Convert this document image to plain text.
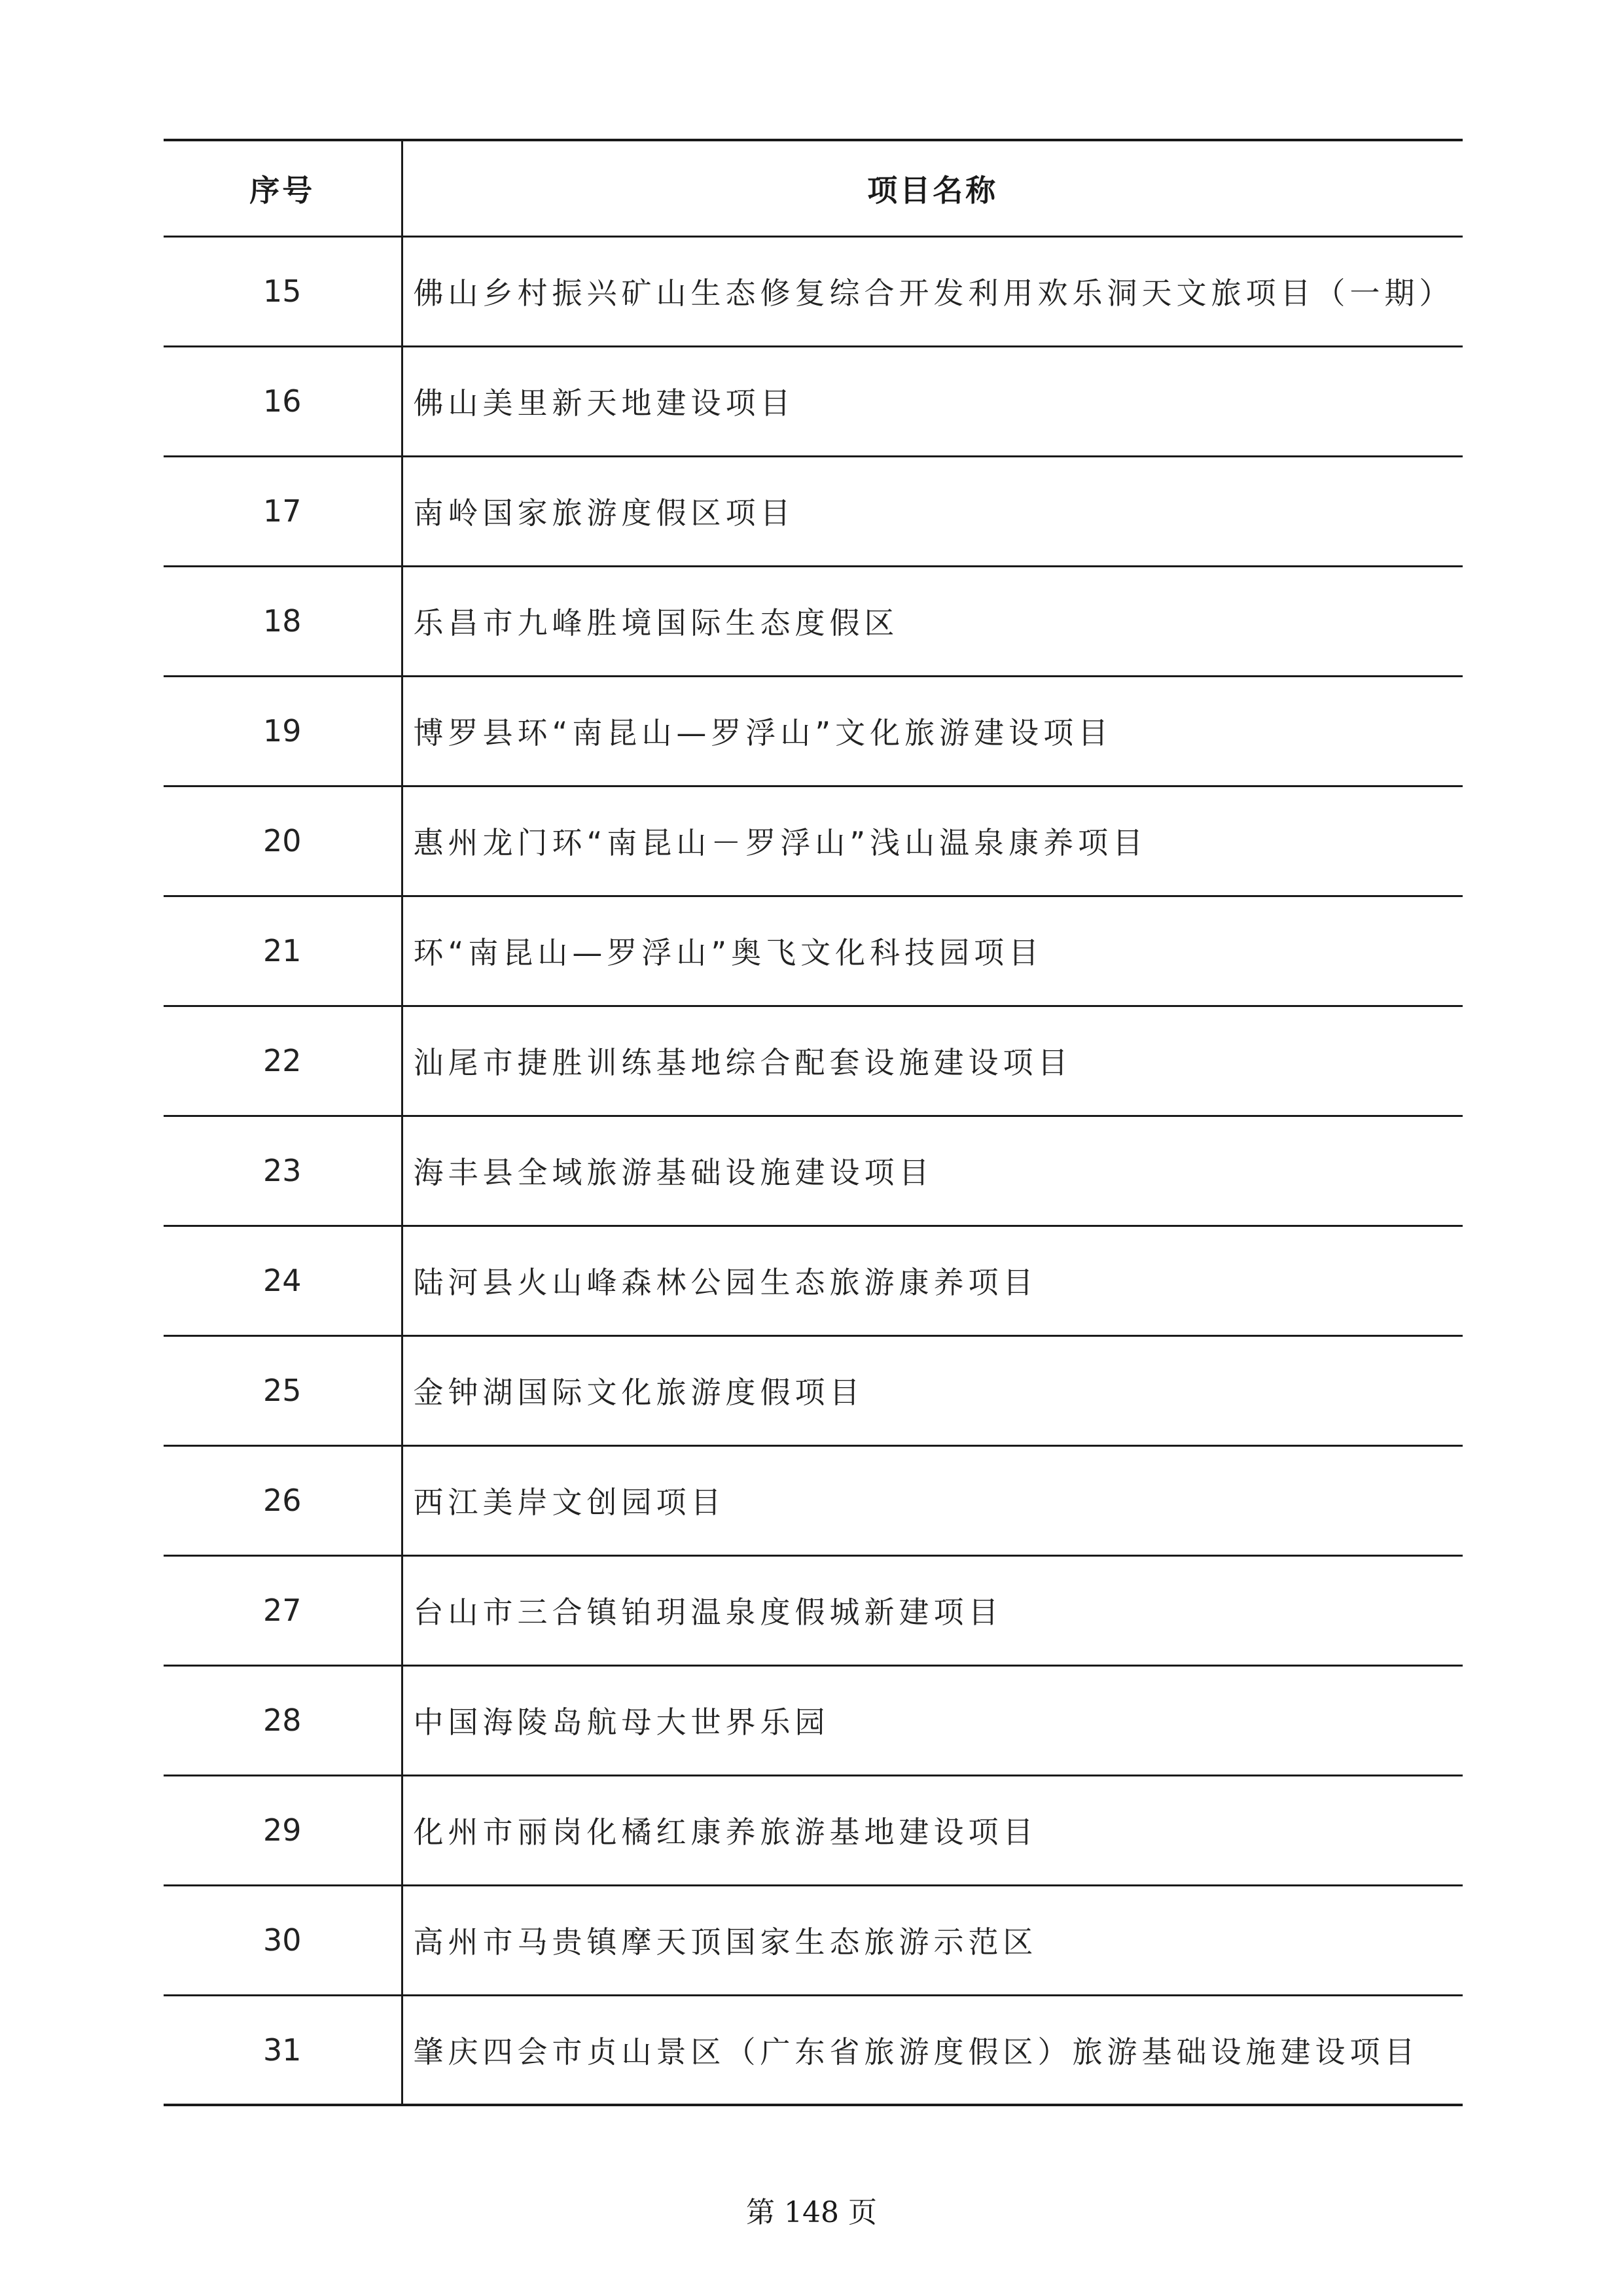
序号	项目名称
15	佛山乡村振兴矿山生态修复综合开发利用欢乐洞天文旅项目（一期）
16	佛山美里新天地建设项目
17	南岭国家旅游度假区项目
18	乐昌市九峰胜境国际生态度假区
19	博罗县环“南昆山—罗浮山”文化旅游建设项目
20	惠州龙门环“南昆山－罗浮山”浅山温泉康养项目
21	环“南昆山—罗浮山”奥飞文化科技园项目
22	汕尾市捷胜训练基地综合配套设施建设项目
23	海丰县全域旅游基础设施建设项目
24	陆河县火山峰森林公园生态旅游康养项目
25	金钟湖国际文化旅游度假项目
26	西江美岸文创园项目
27	台山市三合镇铂玥温泉度假城新建项目
28	中国海陵岛航母大世界乐园
29	化州市丽岗化橘红康养旅游基地建设项目
30	高州市马贵镇摩天顶国家生态旅游示范区
31	肇庆四会市贞山景区（广东省旅游度假区）旅游基础设施建设项目
第 148 页
